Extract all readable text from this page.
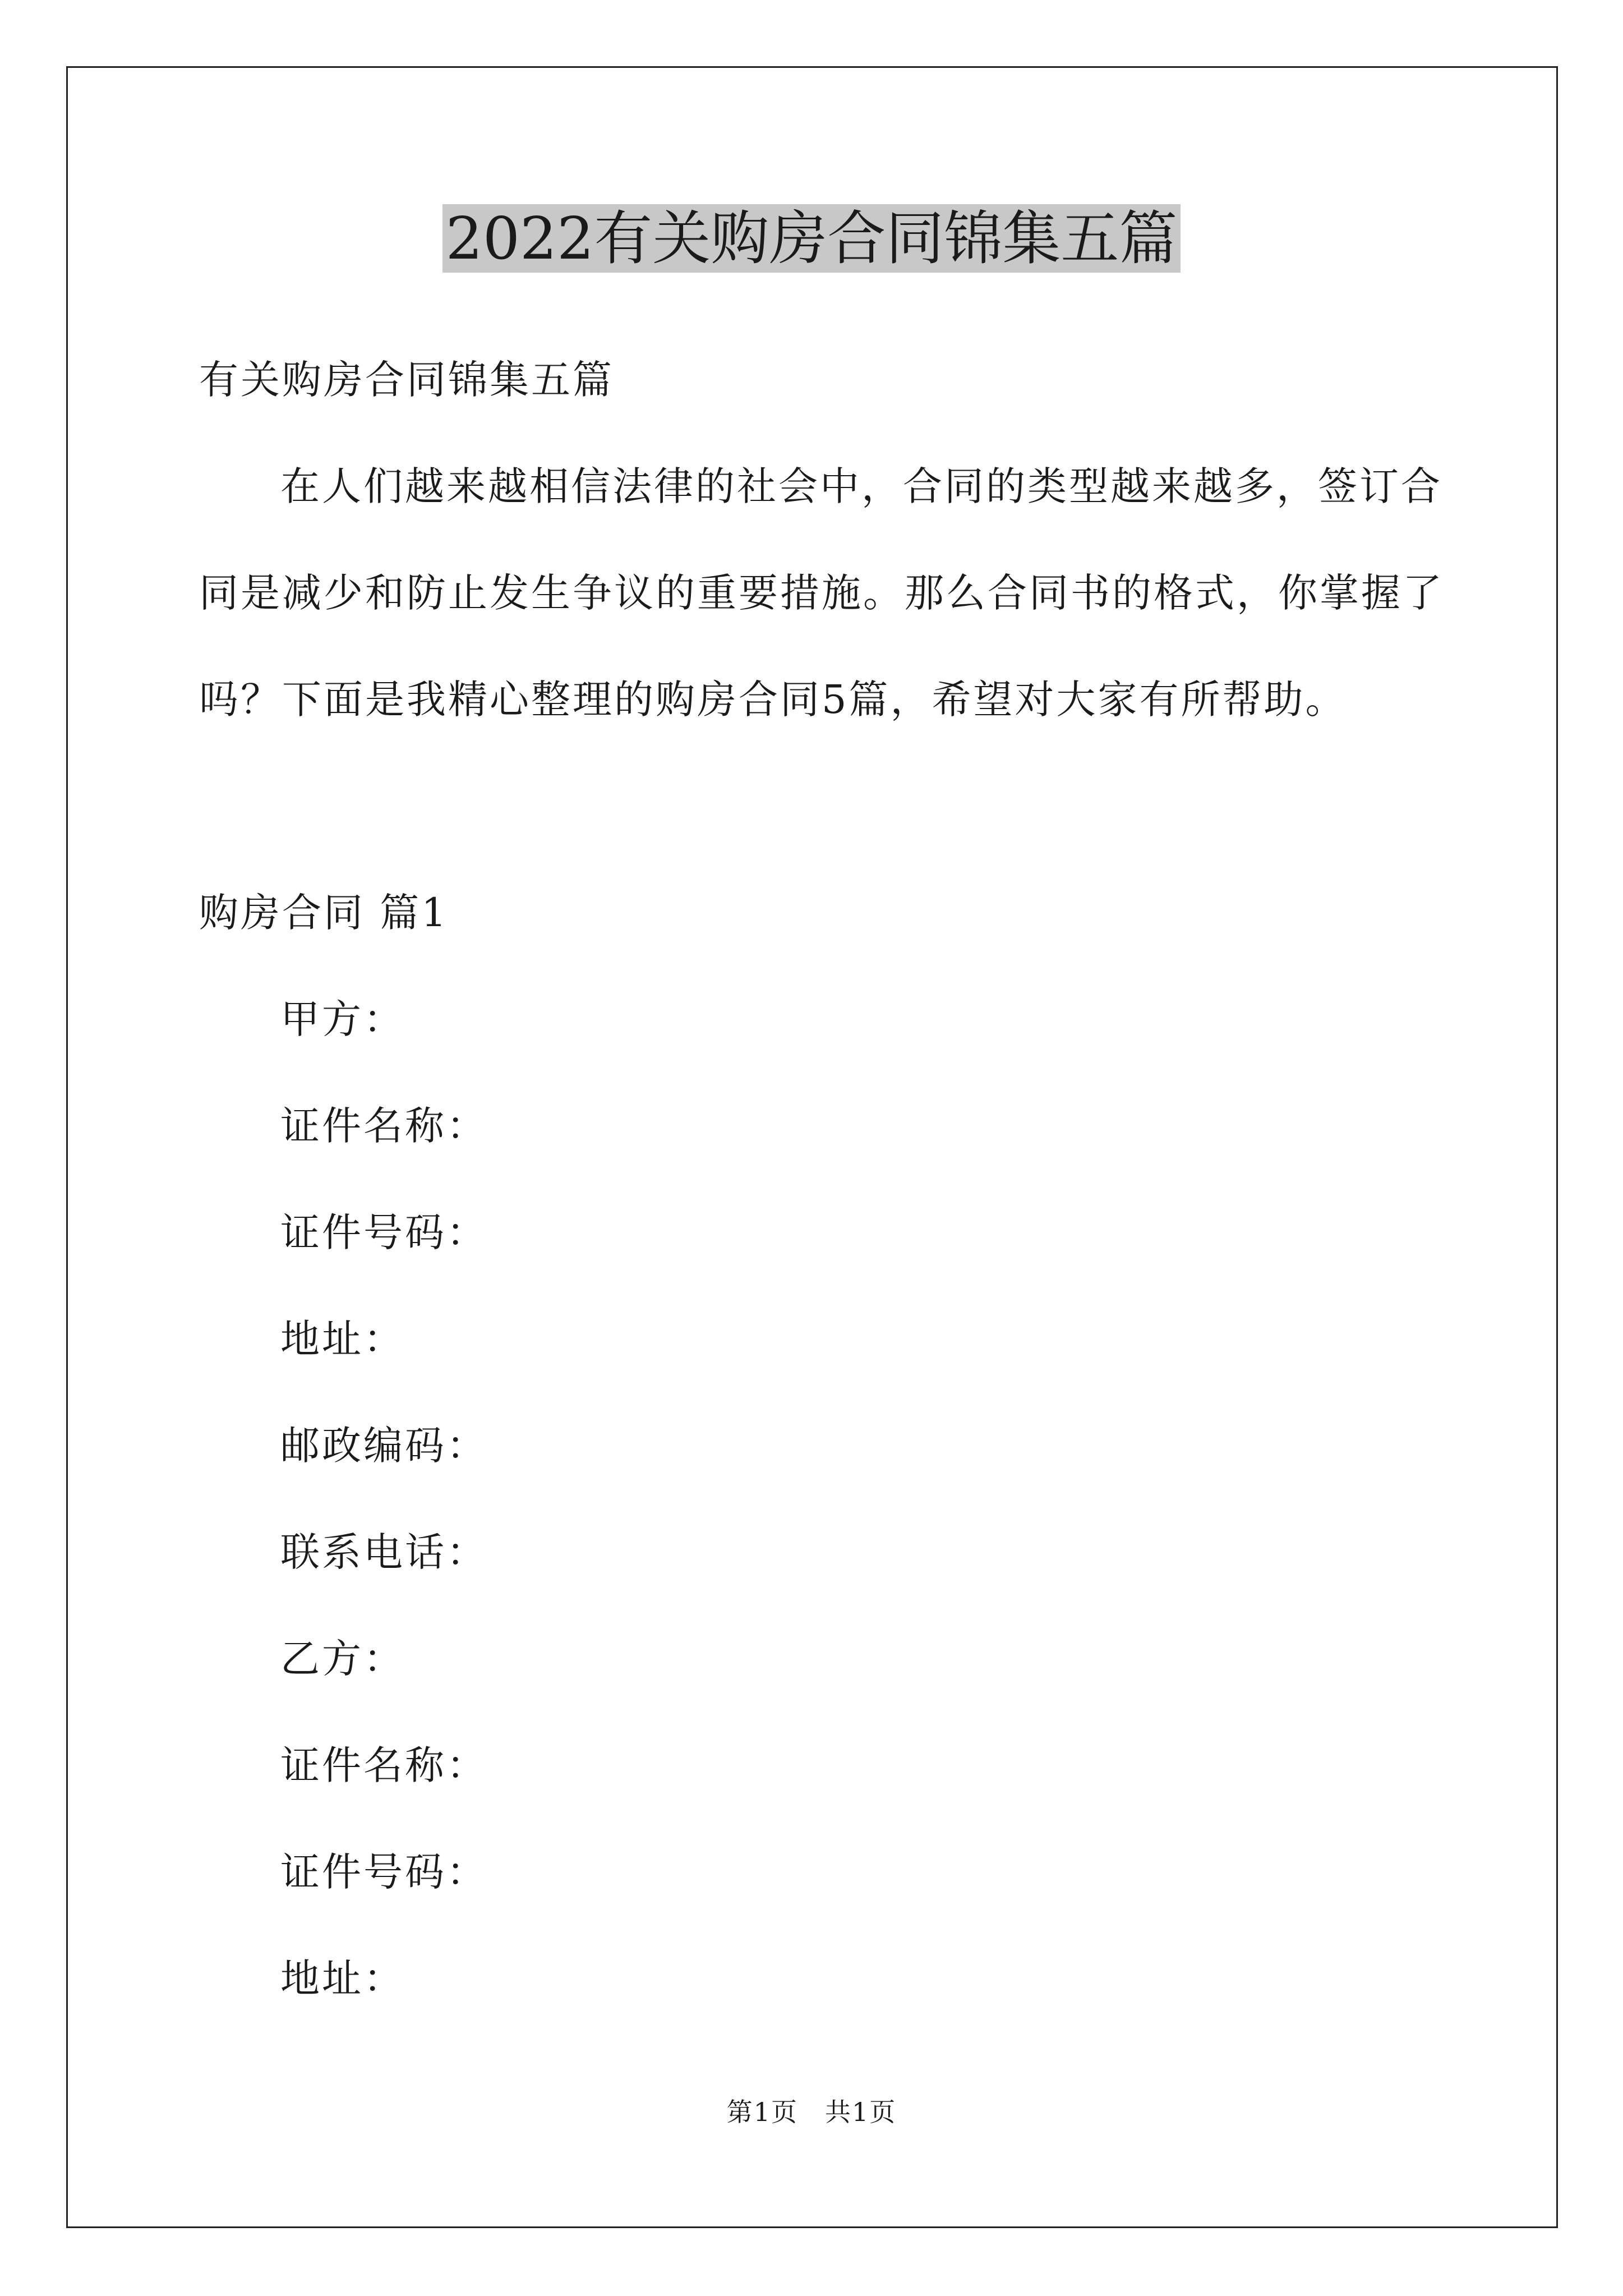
2022有关购房合同锦集五篇
有关购房合同锦集五篇
在人们越来越相信法律的社会中，合同的类型越来越多，签订合
同是减少和防止发生争议的重要措施。那么合同书的格式，你掌握了
吗？下面是我精心整理的购房合同5篇，希望对大家有所帮助。
购房合同 篇1
甲方：
证件名称：
证件号码：
地址：
邮政编码：
联系电话：
乙方：
证件名称：
证件号码：
地址：
第1页　共1页
